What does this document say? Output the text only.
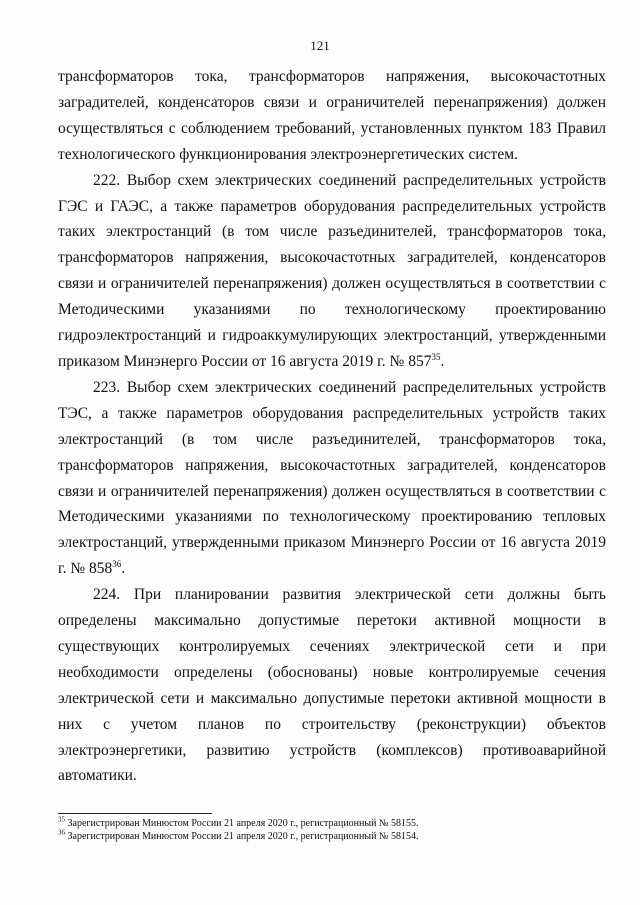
121

трансформаторов тока, трансформаторов напряжения, высокочастотных заградителей, конденсаторов связи и ограничителей перенапряжения) должен осуществляться с соблюдением требований, установленных пунктом 183 Правил технологического функционирования электроэнергетических систем.

222. Выбор схем электрических соединений распределительных устройств ГЭС и ГАЭС, а также параметров оборудования распределительных устройств таких электростанций (в том числе разъединителей, трансформаторов тока, трансформаторов напряжения, высокочастотных заградителей, конденсаторов связи и ограничителей перенапряжения) должен осуществляться в соответствии с Методическими указаниями по технологическому проектированию гидроэлектростанций и гидроаккумулирующих электростанций, утвержденными приказом Минэнерго России от 16 августа 2019 г. № $857^{35}$.

223. Выбор схем электрических соединений распределительных устройств ТЭС, а также параметров оборудования распределительных устройств таких электростанций (в том числе разъединителей, трансформаторов тока, трансформаторов напряжения, высокочастотных заградителей, конденсаторов связи и ограничителей перенапряжения) должен осуществляться в соответствии с Методическими указаниями по технологическому проектированию тепловых электростанций, утвержденными приказом Минэнерго России от 16 августа 2019 г. № $858^{36}$.

224. При планировании развития электрической сети должны быть определены максимально допустимые перетоки активной мощности в существующих контролируемых сечениях электрической сети и при необходимости определены (обоснованы) новые контролируемые сечения электрической сети и максимально допустимые перетоки активной мощности в них с учетом планов по строительству (реконструкции) объектов электроэнергетики, развитию устройств (комплексов) противоаварийной автоматики.

$^{35}$ Зарегистрирован Минюстом России 21 апреля 2020 г., регистрационный № 58155.

$^{36}$ Зарегистрирован Минюстом России 21 апреля 2020 г., регистрационный № 58154.
